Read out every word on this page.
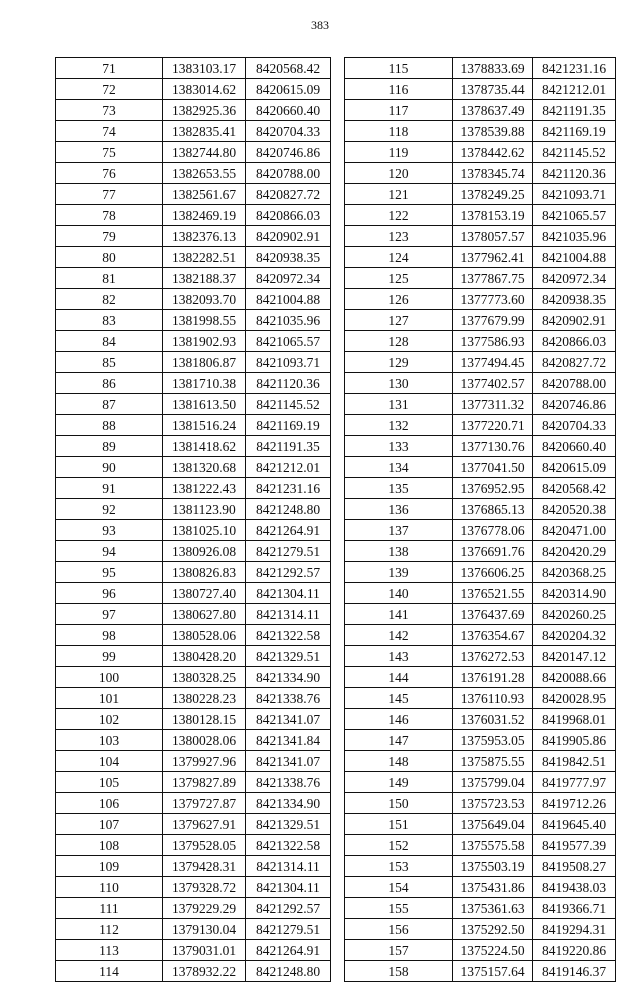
383
71	1383103.17	8420568.42
72	1383014.62	8420615.09
73	1382925.36	8420660.40
74	1382835.41	8420704.33
75	1382744.80	8420746.86
76	1382653.55	8420788.00
77	1382561.67	8420827.72
78	1382469.19	8420866.03
79	1382376.13	8420902.91
80	1382282.51	8420938.35
81	1382188.37	8420972.34
82	1382093.70	8421004.88
83	1381998.55	8421035.96
84	1381902.93	8421065.57
85	1381806.87	8421093.71
86	1381710.38	8421120.36
87	1381613.50	8421145.52
88	1381516.24	8421169.19
89	1381418.62	8421191.35
90	1381320.68	8421212.01
91	1381222.43	8421231.16
92	1381123.90	8421248.80
93	1381025.10	8421264.91
94	1380926.08	8421279.51
95	1380826.83	8421292.57
96	1380727.40	8421304.11
97	1380627.80	8421314.11
98	1380528.06	8421322.58
99	1380428.20	8421329.51
100	1380328.25	8421334.90
101	1380228.23	8421338.76
102	1380128.15	8421341.07
103	1380028.06	8421341.84
104	1379927.96	8421341.07
105	1379827.89	8421338.76
106	1379727.87	8421334.90
107	1379627.91	8421329.51
108	1379528.05	8421322.58
109	1379428.31	8421314.11
110	1379328.72	8421304.11
111	1379229.29	8421292.57
112	1379130.04	8421279.51
113	1379031.01	8421264.91
114	1378932.22	8421248.80
115	1378833.69	8421231.16
116	1378735.44	8421212.01
117	1378637.49	8421191.35
118	1378539.88	8421169.19
119	1378442.62	8421145.52
120	1378345.74	8421120.36
121	1378249.25	8421093.71
122	1378153.19	8421065.57
123	1378057.57	8421035.96
124	1377962.41	8421004.88
125	1377867.75	8420972.34
126	1377773.60	8420938.35
127	1377679.99	8420902.91
128	1377586.93	8420866.03
129	1377494.45	8420827.72
130	1377402.57	8420788.00
131	1377311.32	8420746.86
132	1377220.71	8420704.33
133	1377130.76	8420660.40
134	1377041.50	8420615.09
135	1376952.95	8420568.42
136	1376865.13	8420520.38
137	1376778.06	8420471.00
138	1376691.76	8420420.29
139	1376606.25	8420368.25
140	1376521.55	8420314.90
141	1376437.69	8420260.25
142	1376354.67	8420204.32
143	1376272.53	8420147.12
144	1376191.28	8420088.66
145	1376110.93	8420028.95
146	1376031.52	8419968.01
147	1375953.05	8419905.86
148	1375875.55	8419842.51
149	1375799.04	8419777.97
150	1375723.53	8419712.26
151	1375649.04	8419645.40
152	1375575.58	8419577.39
153	1375503.19	8419508.27
154	1375431.86	8419438.03
155	1375361.63	8419366.71
156	1375292.50	8419294.31
157	1375224.50	8419220.86
158	1375157.64	8419146.37
